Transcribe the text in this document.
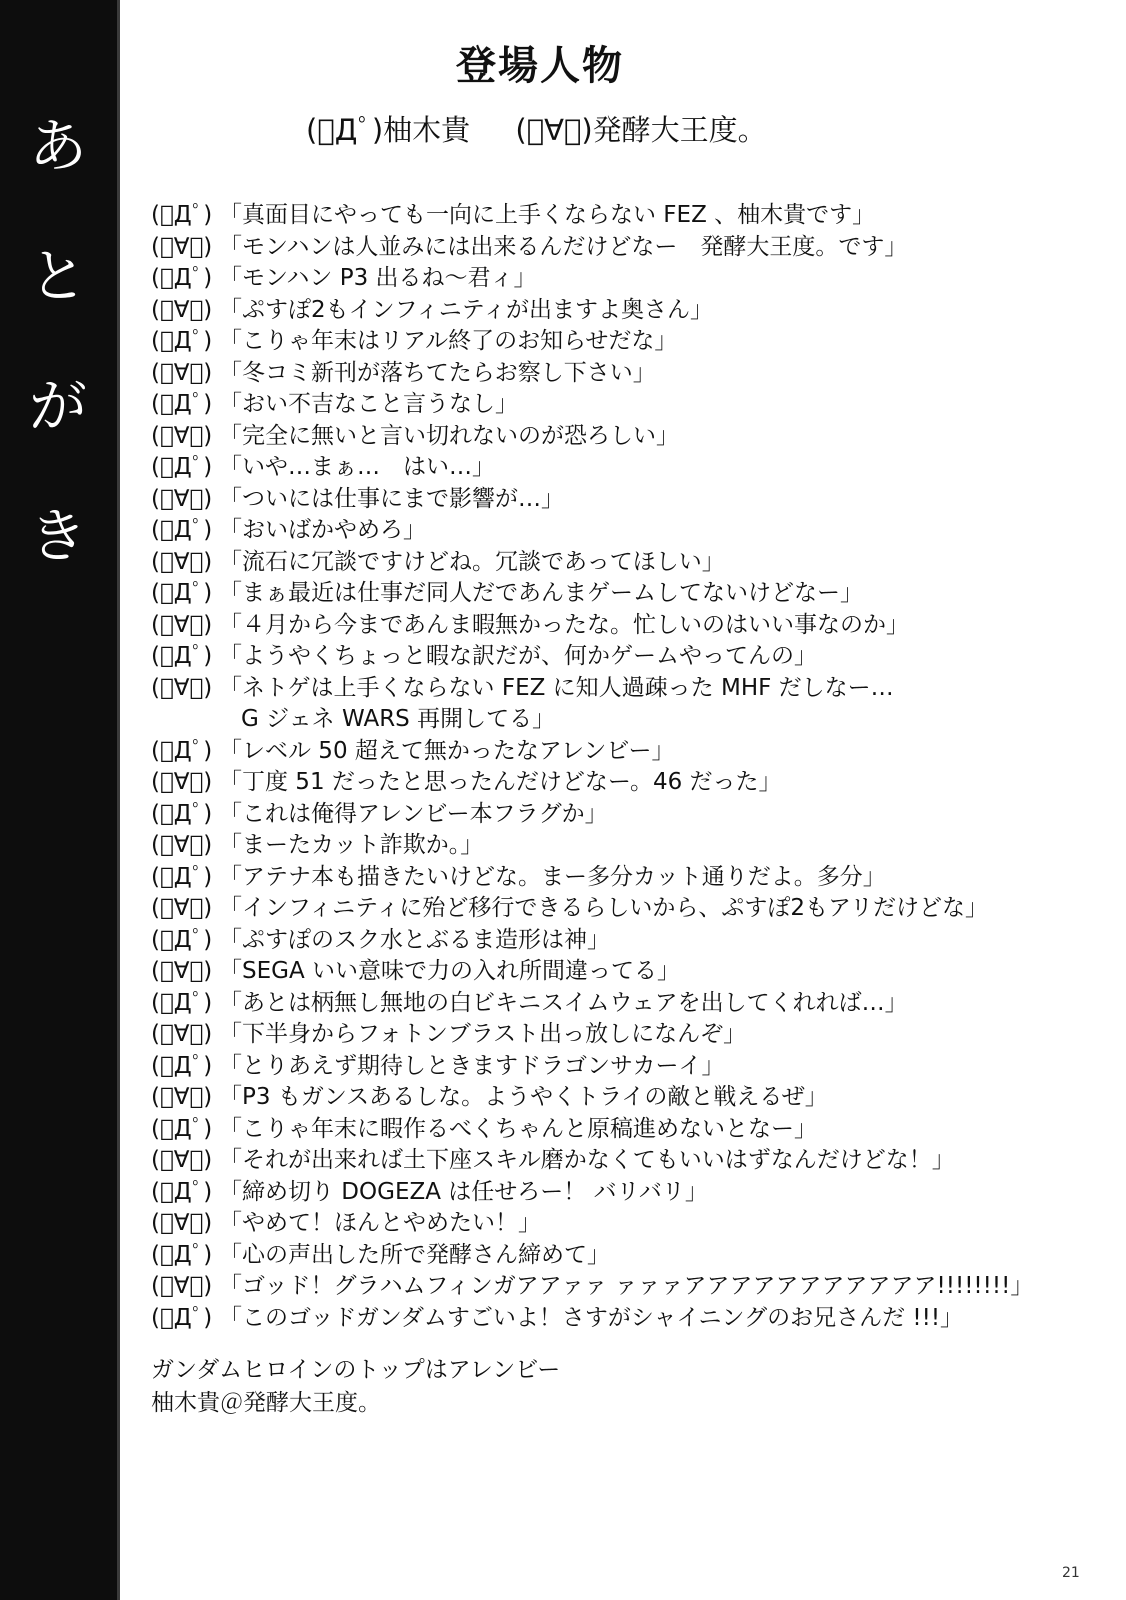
あ
と
が
き
登場人物
(ﾟДﾟ)柚木貴 (ﾟ∀ﾟ)発酵大王度。
(ﾟДﾟ) 「真面目にやっても一向に上手くならない FEZ 、柚木貴です」
(ﾟ∀ﾟ) 「モンハンは人並みには出来るんだけどなー　発酵大王度。です」
(ﾟДﾟ) 「モンハン P3 出るね～君ィ」
(ﾟ∀ﾟ) 「ぷすぽ2もインフィニティが出ますよ奥さん」
(ﾟДﾟ) 「こりゃ年末はリアル終了のお知らせだな」
(ﾟ∀ﾟ) 「冬コミ新刊が落ちてたらお察し下さい」
(ﾟДﾟ) 「おい不吉なこと言うなし」
(ﾟ∀ﾟ) 「完全に無いと言い切れないのが恐ろしい」
(ﾟДﾟ) 「いや…まぁ…　はい…」
(ﾟ∀ﾟ) 「ついには仕事にまで影響が…」
(ﾟДﾟ) 「おいばかやめろ」
(ﾟ∀ﾟ) 「流石に冗談ですけどね。冗談であってほしい」
(ﾟДﾟ) 「まぁ最近は仕事だ同人だであんまゲームしてないけどなー」
(ﾟ∀ﾟ) 「４月から今まであんま暇無かったな。忙しいのはいい事なのか」
(ﾟДﾟ) 「ようやくちょっと暇な訳だが、何かゲームやってんの」
(ﾟ∀ﾟ) 「ネトゲは上手くならない FEZ に知人過疎った MHF だしなー…
G ジェネ WARS 再開してる」
(ﾟДﾟ) 「レベル 50 超えて無かったなアレンビー」
(ﾟ∀ﾟ) 「丁度 51 だったと思ったんだけどなー。46 だった」
(ﾟДﾟ) 「これは俺得アレンビー本フラグか」
(ﾟ∀ﾟ) 「まーたカット詐欺か。」
(ﾟДﾟ) 「アテナ本も描きたいけどな。まー多分カット通りだよ。多分」
(ﾟ∀ﾟ) 「インフィニティに殆ど移行できるらしいから、ぷすぽ2もアリだけどな」
(ﾟДﾟ) 「ぷすぽのスク水とぶるま造形は神」
(ﾟ∀ﾟ) 「SEGA いい意味で力の入れ所間違ってる」
(ﾟДﾟ) 「あとは柄無し無地の白ビキニスイムウェアを出してくれれば…」
(ﾟ∀ﾟ) 「下半身からフォトンブラスト出っ放しになんぞ」
(ﾟДﾟ) 「とりあえず期待しときますドラゴンサカーイ」
(ﾟ∀ﾟ) 「P3 もガンスあるしな。ようやくトライの敵と戦えるぜ」
(ﾟДﾟ) 「こりゃ年末に暇作るべくちゃんと原稿進めないとなー」
(ﾟ∀ﾟ) 「それが出来れば土下座スキル磨かなくてもいいはずなんだけどな！」
(ﾟДﾟ) 「締め切り DOGEZA は任せろー！ バリバリ」
(ﾟ∀ﾟ) 「やめて！ほんとやめたい！」
(ﾟДﾟ) 「心の声出した所で発酵さん締めて」
(ﾟ∀ﾟ) 「ゴッド！グラハムフィンガアアァァ ァァァアアアアアアアアアアア!!!!!!!!」
(ﾟДﾟ) 「このゴッドガンダムすごいよ！さすがシャイニングのお兄さんだ !!!」
ガンダムヒロインのトップはアレンビー
柚木貴＠発酵大王度。
21
